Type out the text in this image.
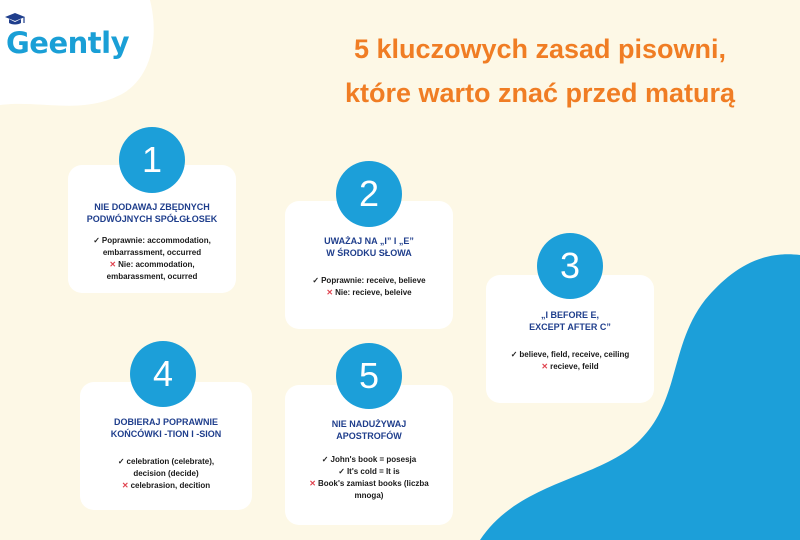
Geently	5 kluczowych zasad pisowni,
które warto znać przed maturą
NIE DODAWAJ ZBĘDNYCH
PODWÓJNYCH SPÓŁGŁOSEK
✓ Poprawnie: accommodation,
embarrassment, occurred
✕ Nie: acommodation,
embarassment, ocurred
1
UWAŻAJ NA „I” I „E”
W ŚRODKU SŁOWA
✓ Poprawnie: receive, believe
✕ Nie: recieve, beleive
2
„I BEFORE E,
EXCEPT AFTER C”
✓ believe, field, receive, ceiling
✕ recieve, feild
3
DOBIERAJ POPRAWNIE
KOŃCÓWKI -TION I -SION
✓ celebration (celebrate),
decision (decide)
✕ celebrasion, decition
4
NIE NADUŻYWAJ
APOSTROFÓW
✓ John's book = posesja
✓ It's cold = It is
✕ Book's zamiast books (liczba
mnoga)
5
